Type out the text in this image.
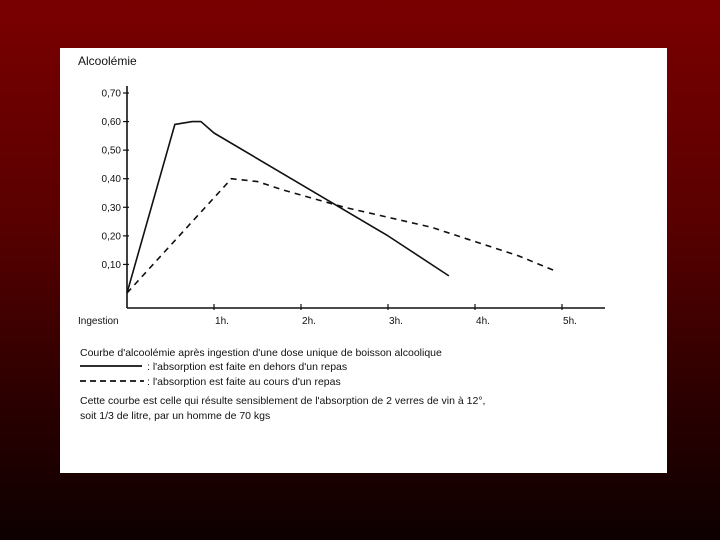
Alcoolémie
0,70
0,60
0,50
0,40
0,30
0,20
0,10
Ingestion	1h.	2h.	3h.	4h.	5h.
Courbe d'alcoolémie après ingestion d'une dose unique de boisson alcoolique
: l'absorption est faite en dehors d'un repas
: l'absorption est faite au cours d'un repas
Cette courbe est celle qui résulte sensiblement de l'absorption de 2 verres de vin à 12°,
soit 1/3 de litre, par un homme de 70 kgs
